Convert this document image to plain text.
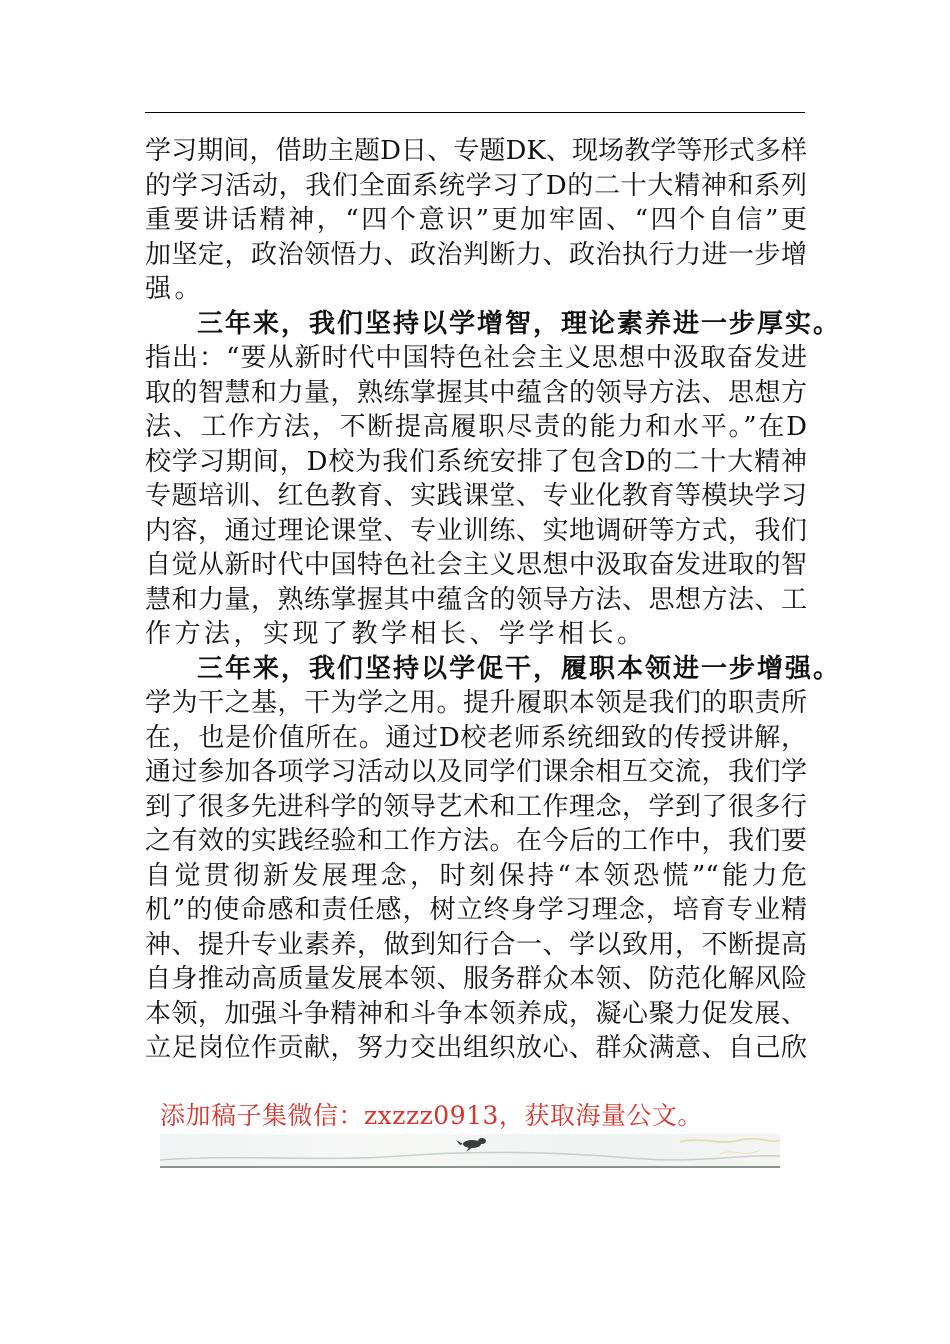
学习期间，借助主题D日、专题DK、现场教学等形式多样
的学习活动，我们全面系统学习了D的二十大精神和系列
重要讲话精神，“四个意识”更加牢固、“四个自信”更
加坚定，政治领悟力、政治判断力、政治执行力进一步增
强。
三年来，我们坚持以学增智，理论素养进一步厚实。
指出：“要从新时代中国特色社会主义思想中汲取奋发进
取的智慧和力量，熟练掌握其中蕴含的领导方法、思想方
法、工作方法，不断提高履职尽责的能力和水平。”在D
校学习期间，D校为我们系统安排了包含D的二十大精神
专题培训、红色教育、实践课堂、专业化教育等模块学习
内容，通过理论课堂、专业训练、实地调研等方式，我们
自觉从新时代中国特色社会主义思想中汲取奋发进取的智
慧和力量，熟练掌握其中蕴含的领导方法、思想方法、工
作方法，实现了教学相长、学学相长。
三年来，我们坚持以学促干，履职本领进一步增强。
学为干之基，干为学之用。提升履职本领是我们的职责所
在，也是价值所在。通过D校老师系统细致的传授讲解，
通过参加各项学习活动以及同学们课余相互交流，我们学
到了很多先进科学的领导艺术和工作理念，学到了很多行
之有效的实践经验和工作方法。在今后的工作中，我们要
自觉贯彻新发展理念，时刻保持“本领恐慌”“能力危
机”的使命感和责任感，树立终身学习理念，培育专业精
神、提升专业素养，做到知行合一、学以致用，不断提高
自身推动高质量发展本领、服务群众本领、防范化解风险
本领，加强斗争精神和斗争本领养成，凝心聚力促发展、
立足岗位作贡献，努力交出组织放心、群众满意、自己欣
添加稿子集微信：zxzzz0913，获取海量公文。
